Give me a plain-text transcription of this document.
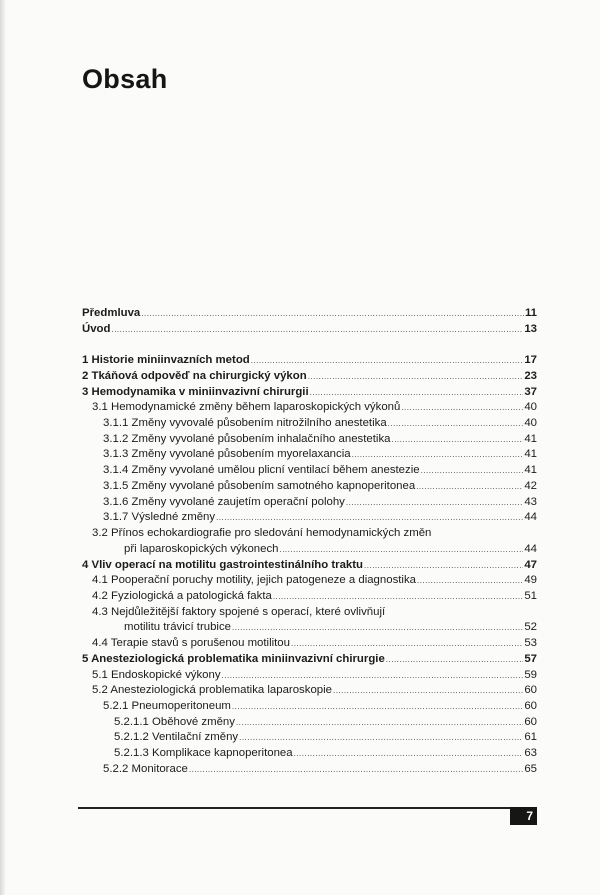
Obsah
Předmluva .....	11
Úvod .....	13
1 Historie miniinvazních metod .....	17
2 Tkáňová odpověď na chirurgický výkon .....	23
3 Hemodynamika v miniinvazivní chirurgii .....	37
3.1 Hemodynamické změny během laparoskopických výkonů .....	40
3.1.1 Změny vyvovalé působením nitrožilního anestetika .....	40
3.1.2 Změny vyvolané působením inhalačního anestetika .....	41
3.1.3 Změny vyvolané působením myorelaxancia .....	41
3.1.4 Změny vyvolané umělou plicní ventilací během anestezie .....	41
3.1.5 Změny vyvolané působením samotného kapnoperitonea .....	42
3.1.6 Změny vyvolané zaujetím operační polohy .....	43
3.1.7 Výsledné změny .....	44
3.2 Přínos echokardiografie pro sledování hemodynamických změn
při laparoskopických výkonech .....	44
4 Vliv operací na motilitu gastrointestinálního traktu .....	47
4.1 Pooperační poruchy motility, jejich patogeneze a diagnostika .....	49
4.2 Fyziologická a patologická fakta .....	51
4.3 Nejdůležitější faktory spojené s operací, které ovlivňují
motilitu trávicí trubice .....	52
4.4 Terapie stavů s porušenou motilitou .....	53
5 Anesteziologická problematika miniinvazivní chirurgie .....	57
5.1 Endoskopické výkony .....	59
5.2 Anesteziologická problematika laparoskopie .....	60
5.2.1 Pneumoperitoneum .....	60
5.2.1.1 Oběhové změny .....	60
5.2.1.2 Ventilační změny .....	61
5.2.1.3 Komplikace kapnoperitonea .....	63
5.2.2 Monitorace .....	65
7
